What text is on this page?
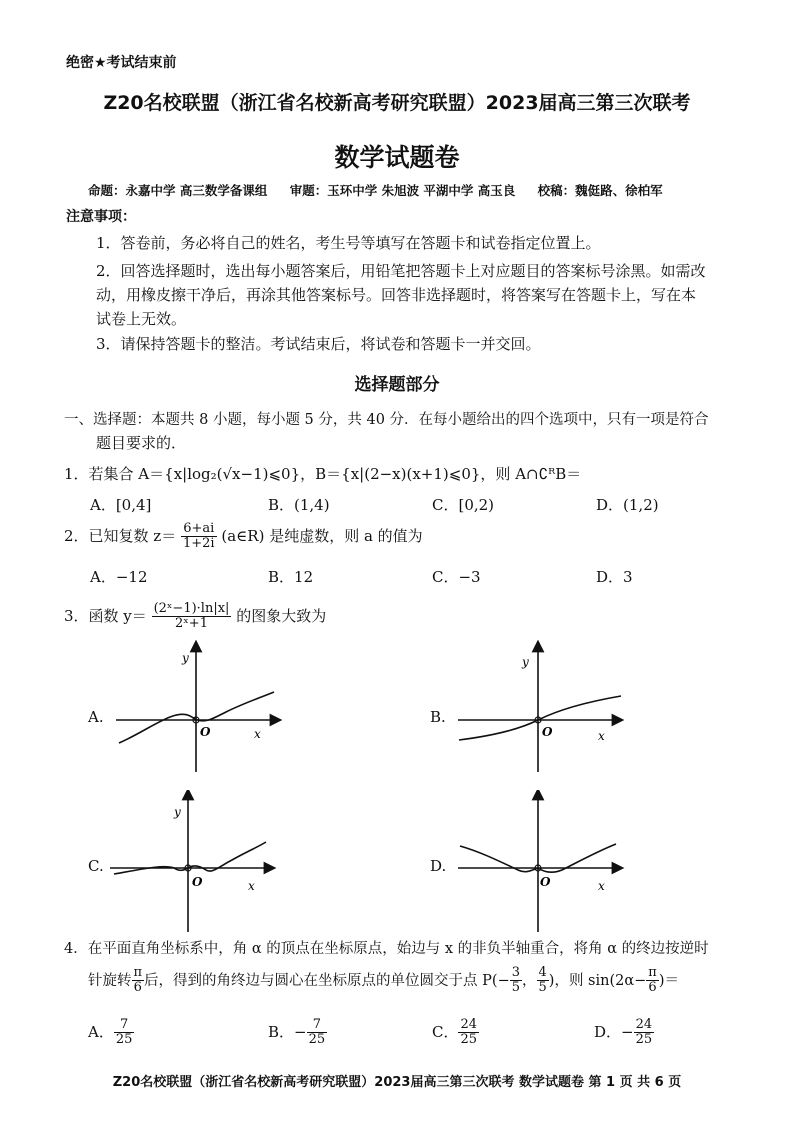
绝密★考试结束前
Z20名校联盟（浙江省名校新高考研究联盟）2023届高三第三次联考
数学试题卷
命题：永嘉中学 高三数学备课组 审题：玉环中学 朱旭波 平湖中学 高玉良 校稿：魏侹路、徐柏军
注意事项：
1．答卷前，务必将自己的姓名，考生号等填写在答题卡和试卷指定位置上。
2．回答选择题时，选出每小题答案后，用铅笔把答题卡上对应题目的答案标号涂黑。如需改
动，用橡皮擦干净后，再涂其他答案标号。回答非选择题时，将答案写在答题卡上，写在本
试卷上无效。
3．请保持答题卡的整洁。考试结束后，将试卷和答题卡一并交回。
选择题部分
一、选择题：本题共 8 小题，每小题 5 分，共 40 分．在每小题给出的四个选项中，只有一项是符合
题目要求的．
1．若集合 A＝{x|log₂(√x−1)⩽0}，B＝{x|(2−x)(x+1)⩽0}，则 A∩∁ᴿB＝
A．[0,4]	B．(1,4)	C．[0,2)	D．(1,2)
2．已知复数 $z= \frac{6+ai}{1+2i}$ (a∈R) 是纯虚数，则 a 的值为
A．−12	B．12	C．−3	D．3
3．函数 $y= \frac{\text{(2ˣ−1)·ln|x|}}{\text{2ˣ+1}}$ 的图象大致为
A.
y
O	x
B.
y
O	x
C.
y
O	x
D.
O	x
4．在平面直角坐标系中，角 α 的顶点在坐标原点，始边与 x 的非负半轴重合，将角 α 的终边按逆时
针旋转 $\frac{\pi}{6}$ 后，得到的角终边与圆心在坐标原点的单位圆交于点 $P(- \frac{3}{5}$ ， $\frac{4}{5}$ )，则 $\sin(2\alpha- \frac{\pi}{6}$ )＝
A． $\frac{7}{25}$	B．− $\frac{7}{25}$	C． $\frac{24}{25}$	D．− $\frac{24}{25}$
Z20名校联盟（浙江省名校新高考研究联盟）2023届高三第三次联考 数学试题卷 第 1 页 共 6 页
